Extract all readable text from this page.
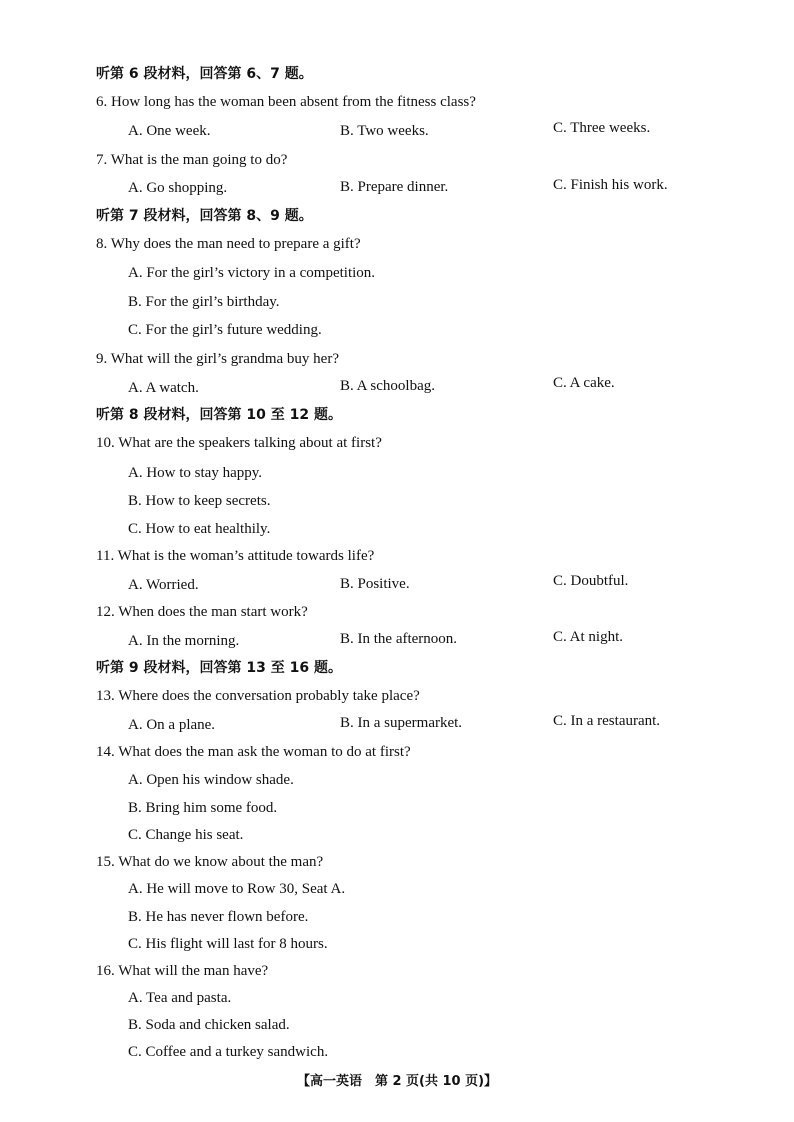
听第 6 段材料，回答第 6、7 题。
6. How long has the woman been absent from the fitness class?
A. One week.	B. Two weeks.	C. Three weeks.
7. What is the man going to do?
A. Go shopping.	B. Prepare dinner.	C. Finish his work.
听第 7 段材料，回答第 8、9 题。
8. Why does the man need to prepare a gift?
A. For the girl’s victory in a competition.
B. For the girl’s birthday.
C. For the girl’s future wedding.
9. What will the girl’s grandma buy her?
A. A watch.	B. A schoolbag.	C. A cake.
听第 8 段材料，回答第 10 至 12 题。
10. What are the speakers talking about at first?
A. How to stay happy.
B. How to keep secrets.
C. How to eat healthily.
11. What is the woman’s attitude towards life?
A. Worried.	B. Positive.	C. Doubtful.
12. When does the man start work?
A. In the morning.	B. In the afternoon.	C. At night.
听第 9 段材料，回答第 13 至 16 题。
13. Where does the conversation probably take place?
A. On a plane.	B. In a supermarket.	C. In a restaurant.
14. What does the man ask the woman to do at first?
A. Open his window shade.
B. Bring him some food.
C. Change his seat.
15. What do we know about the man?
A. He will move to Row 30, Seat A.
B. He has never flown before.
C. His flight will last for 8 hours.
16. What will the man have?
A. Tea and pasta.
B. Soda and chicken salad.
C. Coffee and a turkey sandwich.
【高一英语　第 2 页(共 10 页)】
